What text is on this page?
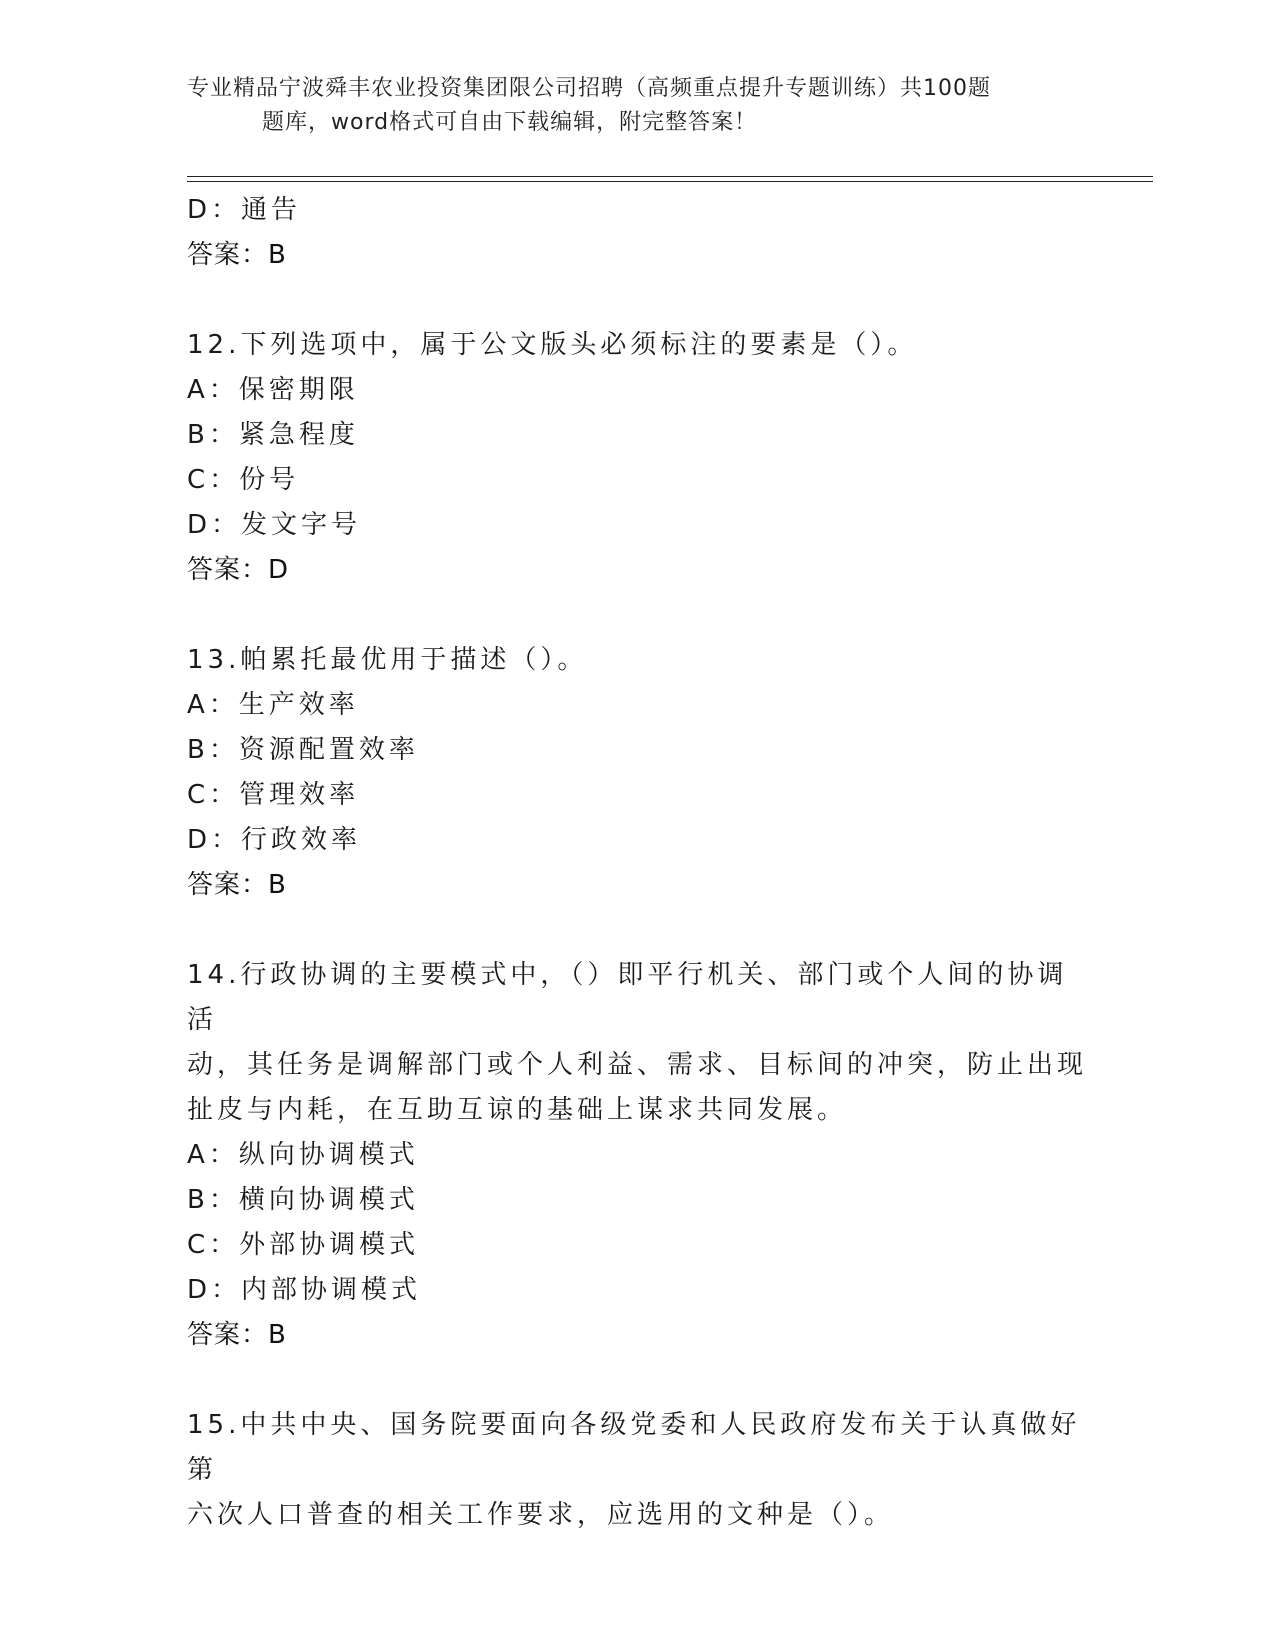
专业精品宁波舜丰农业投资集团限公司招聘（高频重点提升专题训练）共100题
题库，word格式可自由下载编辑，附完整答案！
D：通告
答案：B
12.下列选项中，属于公文版头必须标注的要素是（）。
A：保密期限
B：紧急程度
C：份号
D：发文字号
答案：D
13.帕累托最优用于描述（）。
A：生产效率
B：资源配置效率
C：管理效率
D：行政效率
答案：B
14.行政协调的主要模式中，（）即平行机关、部门或个人间的协调活
动，其任务是调解部门或个人利益、需求、目标间的冲突，防止出现
扯皮与内耗，在互助互谅的基础上谋求共同发展。
A：纵向协调模式
B：横向协调模式
C：外部协调模式
D：内部协调模式
答案：B
15.中共中央、国务院要面向各级党委和人民政府发布关于认真做好第
六次人口普查的相关工作要求，应选用的文种是（）。
